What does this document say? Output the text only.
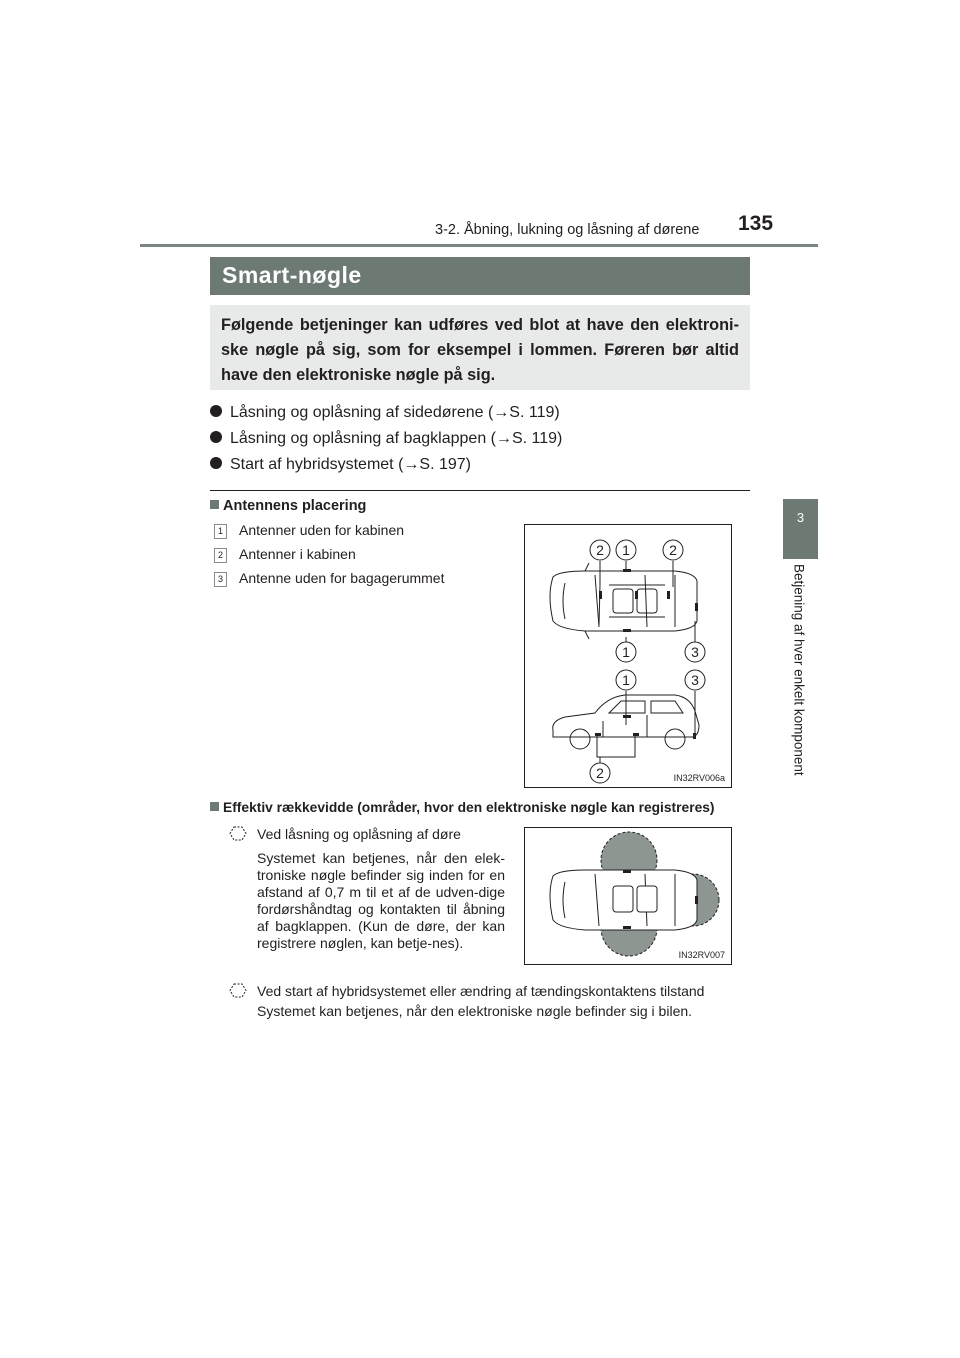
3-2. Åbning, lukning og låsning af dørene 135
3
Betjening af hver enkelt komponent
Smart-nøgle
Følgende betjeninger kan udføres ved blot at have den elektroni-ske nøgle på sig, som for eksempel i lommen. Føreren bør altid have den elektroniske nøgle på sig.
Låsning og oplåsning af sidedørene (→S. 119)
Låsning og oplåsning af bagklappen (→S. 119)
Start af hybridsystemet (→S. 197)
Antennens placering
1 Antenner uden for kabinen
2 Antenner i kabinen
3 Antenne uden for bagagerummet
2 1	2
1	3
1	3
2	IN32RV006a
Effektiv rækkevidde (områder, hvor den elektroniske nøgle kan registreres)
Ved låsning og oplåsning af døre
Systemet kan betjenes, når den elek-troniske nøgle befinder sig inden for en afstand af 0,7 m til et af de udven-dige fordørshåndtag og kontakten til åbning af bagklappen. (Kun de døre, der kan registrere nøglen, kan betje-nes).
IN32RV007
Ved start af hybridsystemet eller ændring af tændingskontaktens tilstand
Systemet kan betjenes, når den elektroniske nøgle befinder sig i bilen.
